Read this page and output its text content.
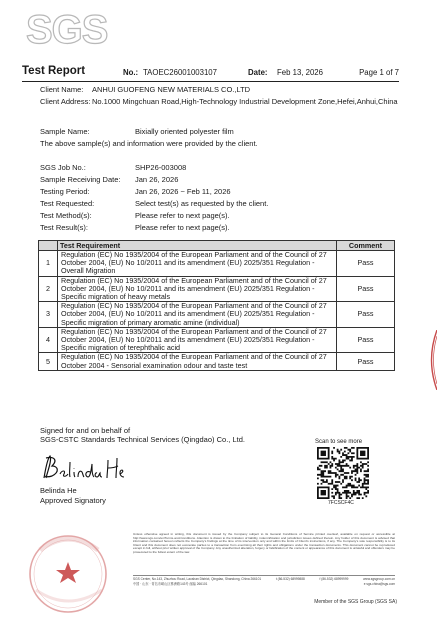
SGS
Test Report	No.: TAOEC26001003107	Date: Feb 13, 2026	Page 1 of 7
Client Name: ANHUI GUOFENG NEW MATERIALS CO.,LTD
Client Address: No.1000 Mingchuan Road,High-Technology Industrial Development Zone,Hefei,Anhui,China
Sample Name:	Bixially oriented polyester film
The above sample(s) and information were provided by the client.
SGS Job No.:	SHP26-003008
Sample Receiving Date: Jan 26, 2026
Testing Period:	Jan 26, 2026 ~ Feb 11, 2026
Test Requested:	Select test(s) as requested by the client.
Test Method(s):	Please refer to next page(s).
Test Result(s):	Please refer to next page(s).
	Test Requirement	Comment
1	Regulation (EC) No 1935/2004 of the European Parliament and of the Council of 27
October 2004, (EU) No 10/2011 and its amendment (EU) 2025/351 Regulation -
Overall Migration	Pass
2	Regulation (EC) No 1935/2004 of the European Parliament and of the Council of 27
October 2004, (EU) No 10/2011 and its amendment (EU) 2025/351 Regulation -
Specific migration of heavy metals	Pass
3	Regulation (EC) No 1935/2004 of the European Parliament and of the Council of 27
October 2004, (EU) No 10/2011 and its amendment (EU) 2025/351 Regulation -
Specific migration of primary aromatic amine (individual)	Pass
4	Regulation (EC) No 1935/2004 of the European Parliament and of the Council of 27
October 2004, (EU) No 10/2011 and its amendment (EU) 2025/351 Regulation -
Specific migration of terephthalic acid	Pass
5	Regulation (EC) No 1935/2004 of the European Parliament and of the Council of 27
October 2004 - Sensorial examination odour and taste test	Pass
Signed for and on behalf of
SGS-CSTC Standards Technical Services (Qingdao) Co., Ltd.
Belinda He
Approved Signatory
Scan to see more
7FCSCF4C
Unless otherwise agreed in writing, this document is issued by the Company subject to its General Conditions of Service printed overleaf, available on request or accessible at http://www.sgs.com/en/Terms-and-Conditions. Attention is drawn to the limitation of liability, indemnification and jurisdiction issues defined therein. Any holder of this document is advised that information contained hereon reflects the Company's findings at the time of its intervention only and within the limits of Client's instructions, if any. The Company's sole responsibility is to its Client and this document does not exonerate parties to a transaction from exercising all their rights and obligations under the transaction documents. This document cannot be reproduced except in full, without prior written approval of the Company. Any unauthorized alteration, forgery or falsification of the content or appearance of this document is unlawful and offenders may be prosecuted to the fullest extent of the law.
SGS Center, No.143, Zhuzhou Road, Laoshan District, Qingdao, Shandong, China 266101	t (86-532) 68999888	f (86-532) 68999999	www.sgsgroup.com.cn
中国 · 山东 · 青岛市崂山区株洲路143号 邮编 266101	e sgs.china@sgs.com
Member of the SGS Group (SGS SA)
